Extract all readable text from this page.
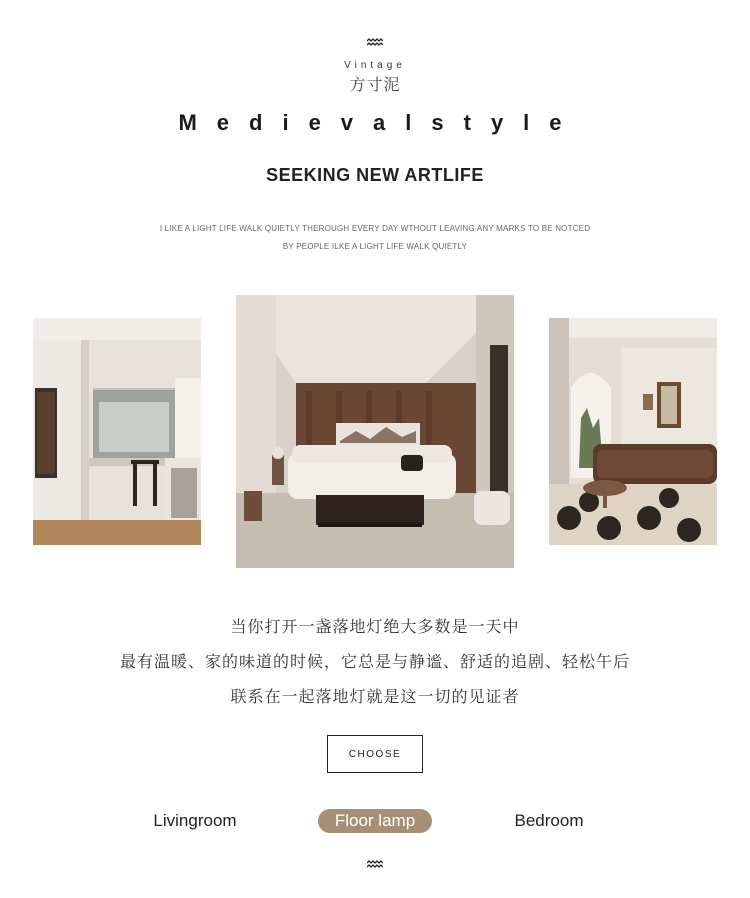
Vintage
方寸泥
Medievalstyle
SEEKING NEW ARTLIFE
I LIKE A LIGHT LIFE WALK QUIETLY THEROUGH EVERY DAY WTHOUT LEAVING ANY MARKS TO BE NOTCED
BY PEOPLE ILKE A LIGHT LIFE WALK QUIETLY
当你打开一盏落地灯绝大多数是一天中
最有温暖、家的味道的时候，它总是与静谧、舒适的追剧、轻松午后
联系在一起落地灯就是这一切的见证者
CHOOSE
Livingroom	Floor lamp	Bedroom
